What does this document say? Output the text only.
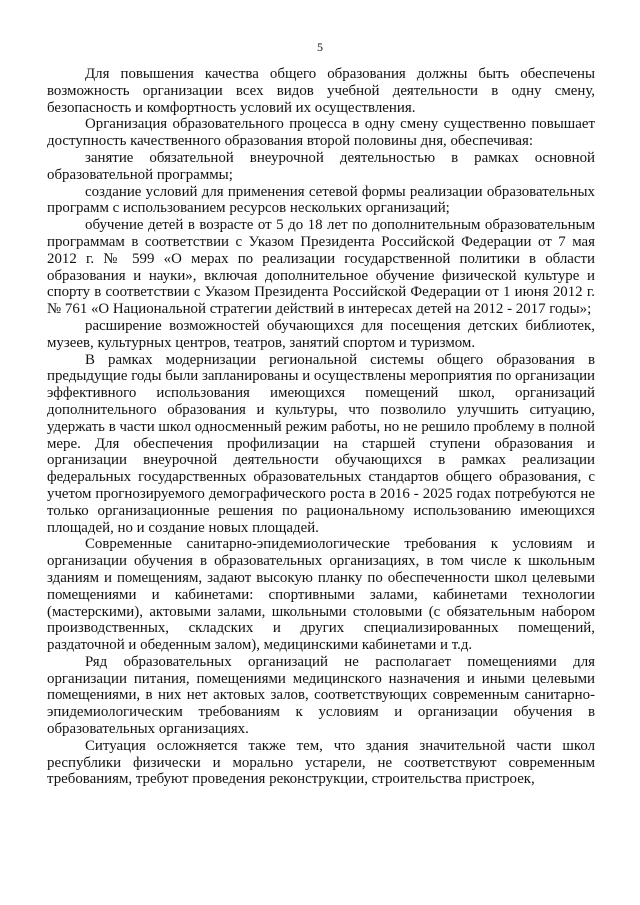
5

Для повышения качества общего образования должны быть обеспечены возможность организации всех видов учебной деятельности в одну смену, безопасность и комфортность условий их осуществления.

Организация образовательного процесса в одну смену существенно повышает доступность качественного образования второй половины дня, обеспечивая:

занятие обязательной внеурочной деятельностью в рамках основной образовательной программы;

создание условий для применения сетевой формы реализации образовательных программ с использованием ресурсов нескольких организаций;

обучение детей в возрасте от 5 до 18 лет по дополнительным образовательным программам в соответствии с Указом Президента Российской Федерации от 7 мая 2012 г. № 599 «О мерах по реализации государственной политики в области образования и науки», включая дополнительное обучение физической культуре и спорту в соответствии с Указом Президента Российской Федерации от 1 июня 2012 г. № 761 «О Национальной стратегии действий в интересах детей на 2012 - 2017 годы»;

расширение возможностей обучающихся для посещения детских библиотек, музеев, культурных центров, театров, занятий спортом и туризмом.

В рамках модернизации региональной системы общего образования в предыдущие годы были запланированы и осуществлены мероприятия по организации эффективного использования имеющихся помещений школ, организаций дополнительного образования и культуры, что позволило улучшить ситуацию, удержать в части школ односменный режим работы, но не решило проблему в полной мере. Для обеспечения профилизации на старшей ступени образования и организации внеурочной деятельности обучающихся в рамках реализации федеральных государственных образовательных стандартов общего образования, с учетом прогнозируемого демографического роста в 2016 - 2025 годах потребуются не только организационные решения по рациональному использованию имеющихся площадей, но и создание новых площадей.

Современные санитарно-эпидемиологические требования к условиям и организации обучения в образовательных организациях, в том числе к школьным зданиям и помещениям, задают высокую планку по обеспеченности школ целевыми помещениями и кабинетами: спортивными залами, кабинетами технологии (мастерскими), актовыми залами, школьными столовыми (с обязательным набором производственных, складских и других специализированных помещений, раздаточной и обеденным залом), медицинскими кабинетами и т.д.

Ряд образовательных организаций не располагает помещениями для организации питания, помещениями медицинского назначения и иными целевыми помещениями, в них нет актовых залов, соответствующих современным санитарно-эпидемиологическим требованиям к условиям и организации обучения в образовательных организациях.

Ситуация осложняется также тем, что здания значительной части школ республики физически и морально устарели, не соответствуют современным требованиям, требуют проведения реконструкции, строительства пристроек,
